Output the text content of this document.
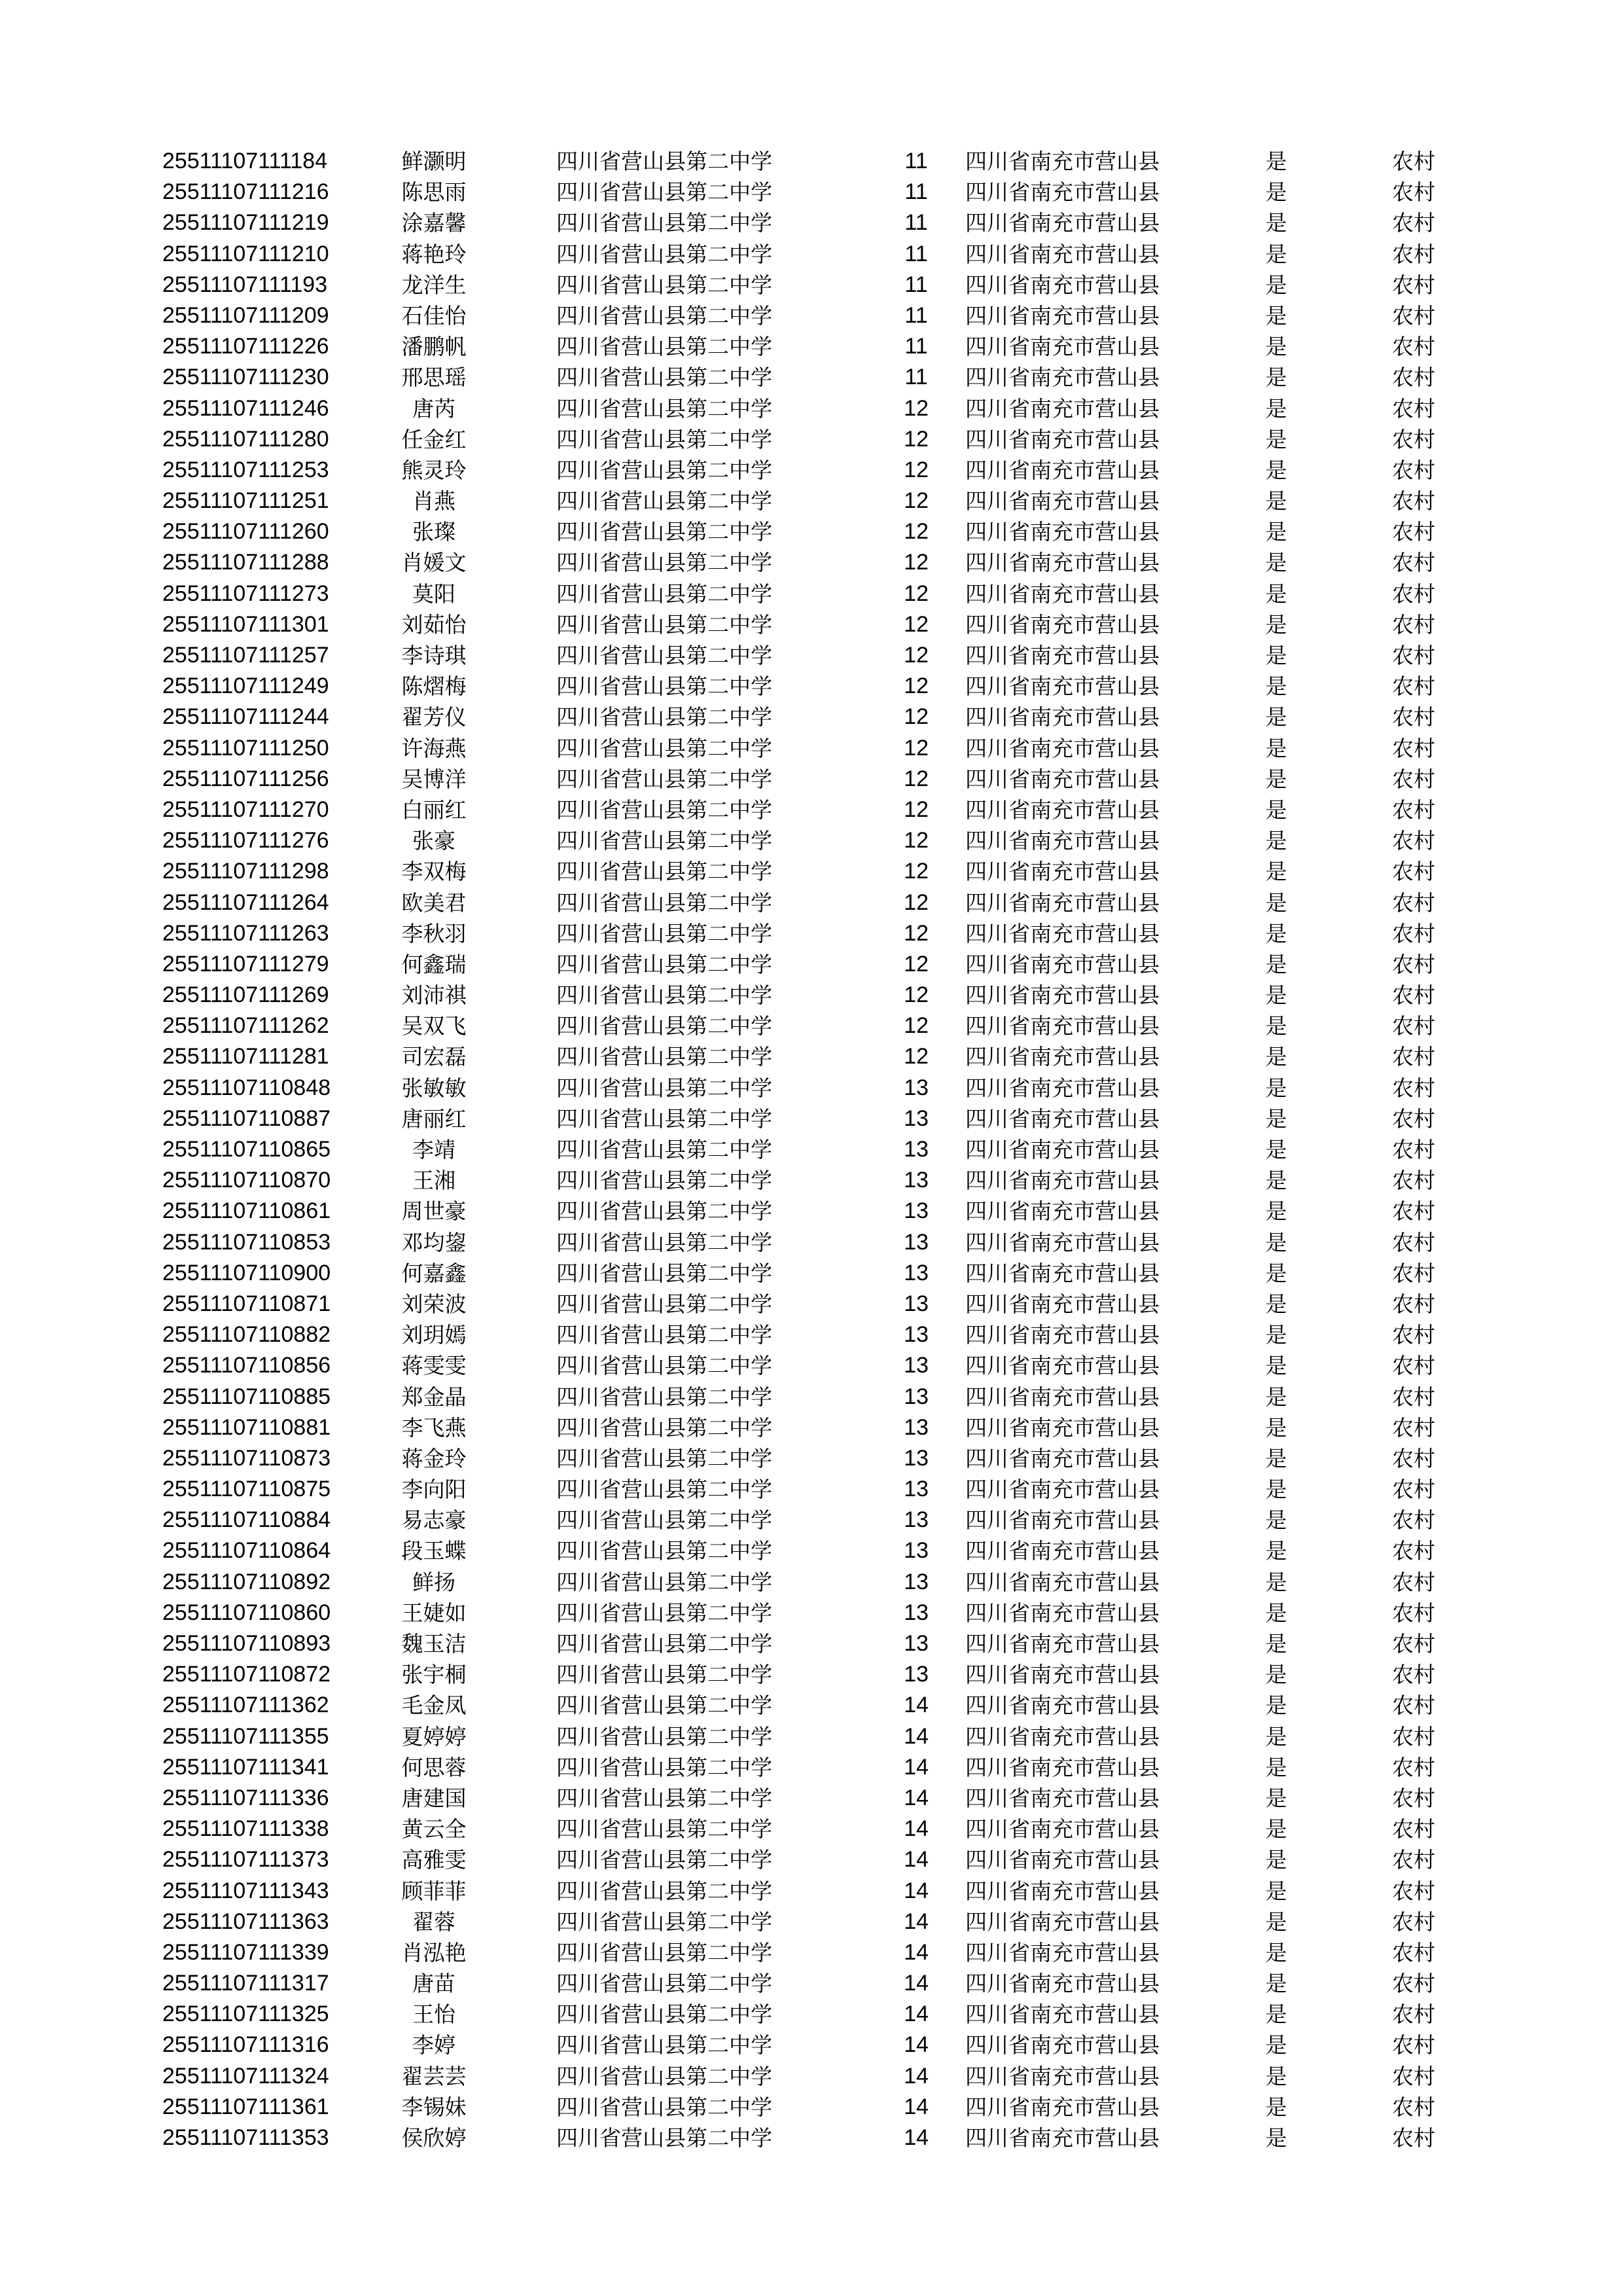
25511107111184	鲜灏明	四川省营山县第二中学	11	四川省南充市营山县	是	农村
25511107111216	陈思雨	四川省营山县第二中学	11	四川省南充市营山县	是	农村
25511107111219	涂嘉馨	四川省营山县第二中学	11	四川省南充市营山县	是	农村
25511107111210	蒋艳玲	四川省营山县第二中学	11	四川省南充市营山县	是	农村
25511107111193	龙洋生	四川省营山县第二中学	11	四川省南充市营山县	是	农村
25511107111209	石佳怡	四川省营山县第二中学	11	四川省南充市营山县	是	农村
25511107111226	潘鹏帆	四川省营山县第二中学	11	四川省南充市营山县	是	农村
25511107111230	邢思瑶	四川省营山县第二中学	11	四川省南充市营山县	是	农村
25511107111246	唐芮	四川省营山县第二中学	12	四川省南充市营山县	是	农村
25511107111280	任金红	四川省营山县第二中学	12	四川省南充市营山县	是	农村
25511107111253	熊灵玲	四川省营山县第二中学	12	四川省南充市营山县	是	农村
25511107111251	肖燕	四川省营山县第二中学	12	四川省南充市营山县	是	农村
25511107111260	张璨	四川省营山县第二中学	12	四川省南充市营山县	是	农村
25511107111288	肖媛文	四川省营山县第二中学	12	四川省南充市营山县	是	农村
25511107111273	莫阳	四川省营山县第二中学	12	四川省南充市营山县	是	农村
25511107111301	刘茹怡	四川省营山县第二中学	12	四川省南充市营山县	是	农村
25511107111257	李诗琪	四川省营山县第二中学	12	四川省南充市营山县	是	农村
25511107111249	陈熠梅	四川省营山县第二中学	12	四川省南充市营山县	是	农村
25511107111244	翟芳仪	四川省营山县第二中学	12	四川省南充市营山县	是	农村
25511107111250	许海燕	四川省营山县第二中学	12	四川省南充市营山县	是	农村
25511107111256	吴博洋	四川省营山县第二中学	12	四川省南充市营山县	是	农村
25511107111270	白丽红	四川省营山县第二中学	12	四川省南充市营山县	是	农村
25511107111276	张豪	四川省营山县第二中学	12	四川省南充市营山县	是	农村
25511107111298	李双梅	四川省营山县第二中学	12	四川省南充市营山县	是	农村
25511107111264	欧美君	四川省营山县第二中学	12	四川省南充市营山县	是	农村
25511107111263	李秋羽	四川省营山县第二中学	12	四川省南充市营山县	是	农村
25511107111279	何鑫瑞	四川省营山县第二中学	12	四川省南充市营山县	是	农村
25511107111269	刘沛祺	四川省营山县第二中学	12	四川省南充市营山县	是	农村
25511107111262	吴双飞	四川省营山县第二中学	12	四川省南充市营山县	是	农村
25511107111281	司宏磊	四川省营山县第二中学	12	四川省南充市营山县	是	农村
25511107110848	张敏敏	四川省营山县第二中学	13	四川省南充市营山县	是	农村
25511107110887	唐丽红	四川省营山县第二中学	13	四川省南充市营山县	是	农村
25511107110865	李靖	四川省营山县第二中学	13	四川省南充市营山县	是	农村
25511107110870	王湘	四川省营山县第二中学	13	四川省南充市营山县	是	农村
25511107110861	周世豪	四川省营山县第二中学	13	四川省南充市营山县	是	农村
25511107110853	邓均鋆	四川省营山县第二中学	13	四川省南充市营山县	是	农村
25511107110900	何嘉鑫	四川省营山县第二中学	13	四川省南充市营山县	是	农村
25511107110871	刘荣波	四川省营山县第二中学	13	四川省南充市营山县	是	农村
25511107110882	刘玥嫣	四川省营山县第二中学	13	四川省南充市营山县	是	农村
25511107110856	蒋雯雯	四川省营山县第二中学	13	四川省南充市营山县	是	农村
25511107110885	郑金晶	四川省营山县第二中学	13	四川省南充市营山县	是	农村
25511107110881	李飞燕	四川省营山县第二中学	13	四川省南充市营山县	是	农村
25511107110873	蒋金玲	四川省营山县第二中学	13	四川省南充市营山县	是	农村
25511107110875	李向阳	四川省营山县第二中学	13	四川省南充市营山县	是	农村
25511107110884	易志豪	四川省营山县第二中学	13	四川省南充市营山县	是	农村
25511107110864	段玉蝶	四川省营山县第二中学	13	四川省南充市营山县	是	农村
25511107110892	鲜扬	四川省营山县第二中学	13	四川省南充市营山县	是	农村
25511107110860	王婕如	四川省营山县第二中学	13	四川省南充市营山县	是	农村
25511107110893	魏玉洁	四川省营山县第二中学	13	四川省南充市营山县	是	农村
25511107110872	张宇桐	四川省营山县第二中学	13	四川省南充市营山县	是	农村
25511107111362	毛金凤	四川省营山县第二中学	14	四川省南充市营山县	是	农村
25511107111355	夏婷婷	四川省营山县第二中学	14	四川省南充市营山县	是	农村
25511107111341	何思蓉	四川省营山县第二中学	14	四川省南充市营山县	是	农村
25511107111336	唐建国	四川省营山县第二中学	14	四川省南充市营山县	是	农村
25511107111338	黄云全	四川省营山县第二中学	14	四川省南充市营山县	是	农村
25511107111373	高雅雯	四川省营山县第二中学	14	四川省南充市营山县	是	农村
25511107111343	顾菲菲	四川省营山县第二中学	14	四川省南充市营山县	是	农村
25511107111363	翟蓉	四川省营山县第二中学	14	四川省南充市营山县	是	农村
25511107111339	肖泓艳	四川省营山县第二中学	14	四川省南充市营山县	是	农村
25511107111317	唐苗	四川省营山县第二中学	14	四川省南充市营山县	是	农村
25511107111325	王怡	四川省营山县第二中学	14	四川省南充市营山县	是	农村
25511107111316	李婷	四川省营山县第二中学	14	四川省南充市营山县	是	农村
25511107111324	翟芸芸	四川省营山县第二中学	14	四川省南充市营山县	是	农村
25511107111361	李锡妹	四川省营山县第二中学	14	四川省南充市营山县	是	农村
25511107111353	侯欣婷	四川省营山县第二中学	14	四川省南充市营山县	是	农村
